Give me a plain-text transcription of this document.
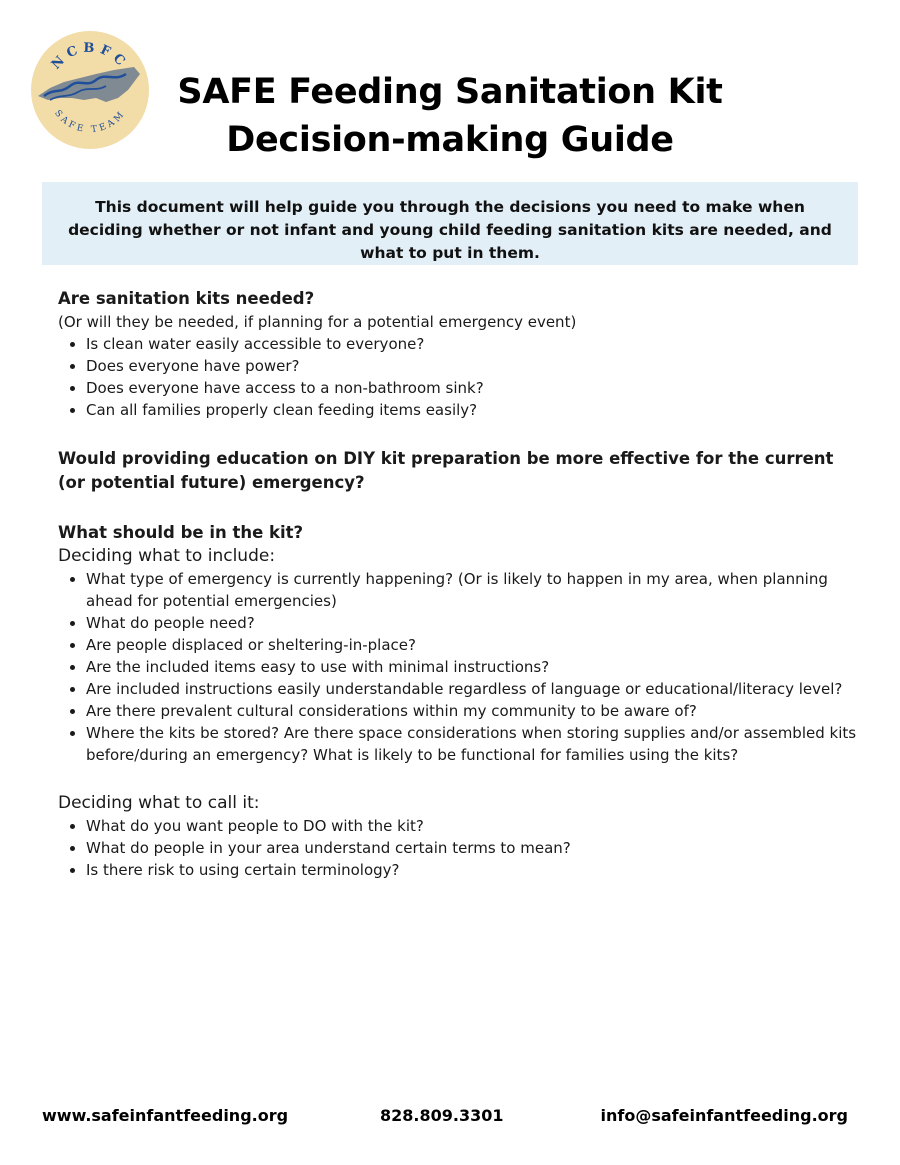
NCBFC
SAFE TEAM
SAFE Feeding Sanitation Kit
Decision-making Guide
This document will help guide you through the decisions you need to make when deciding whether or not infant and young child feeding sanitation kits are needed, and what to put in them.

Are sanitation kits needed?

(Or will they be needed, if planning for a potential emergency event)

• Is clean water easily accessible to everyone?
• Does everyone have power?
• Does everyone have access to a non-bathroom sink?
• Can all families properly clean feeding items easily?

Would providing education on DIY kit preparation be more effective for the current (or potential future) emergency?

What should be in the kit?

Deciding what to include:

• What type of emergency is currently happening? (Or is likely to happen in my area, when planning ahead for potential emergencies)
• What do people need?
• Are people displaced or sheltering-in-place?
• Are the included items easy to use with minimal instructions?
• Are included instructions easily understandable regardless of language or educational/literacy level?
• Are there prevalent cultural considerations within my community to be aware of?
• Where the kits be stored? Are there space considerations when storing supplies and/or assembled kits before/during an emergency? What is likely to be functional for families using the kits?

Deciding what to call it:

• What do you want people to DO with the kit?
• What do people in your area understand certain terms to mean?
• Is there risk to using certain terminology?
www.safeinfantfeeding.org	828.809.3301	info@safeinfantfeeding.org
